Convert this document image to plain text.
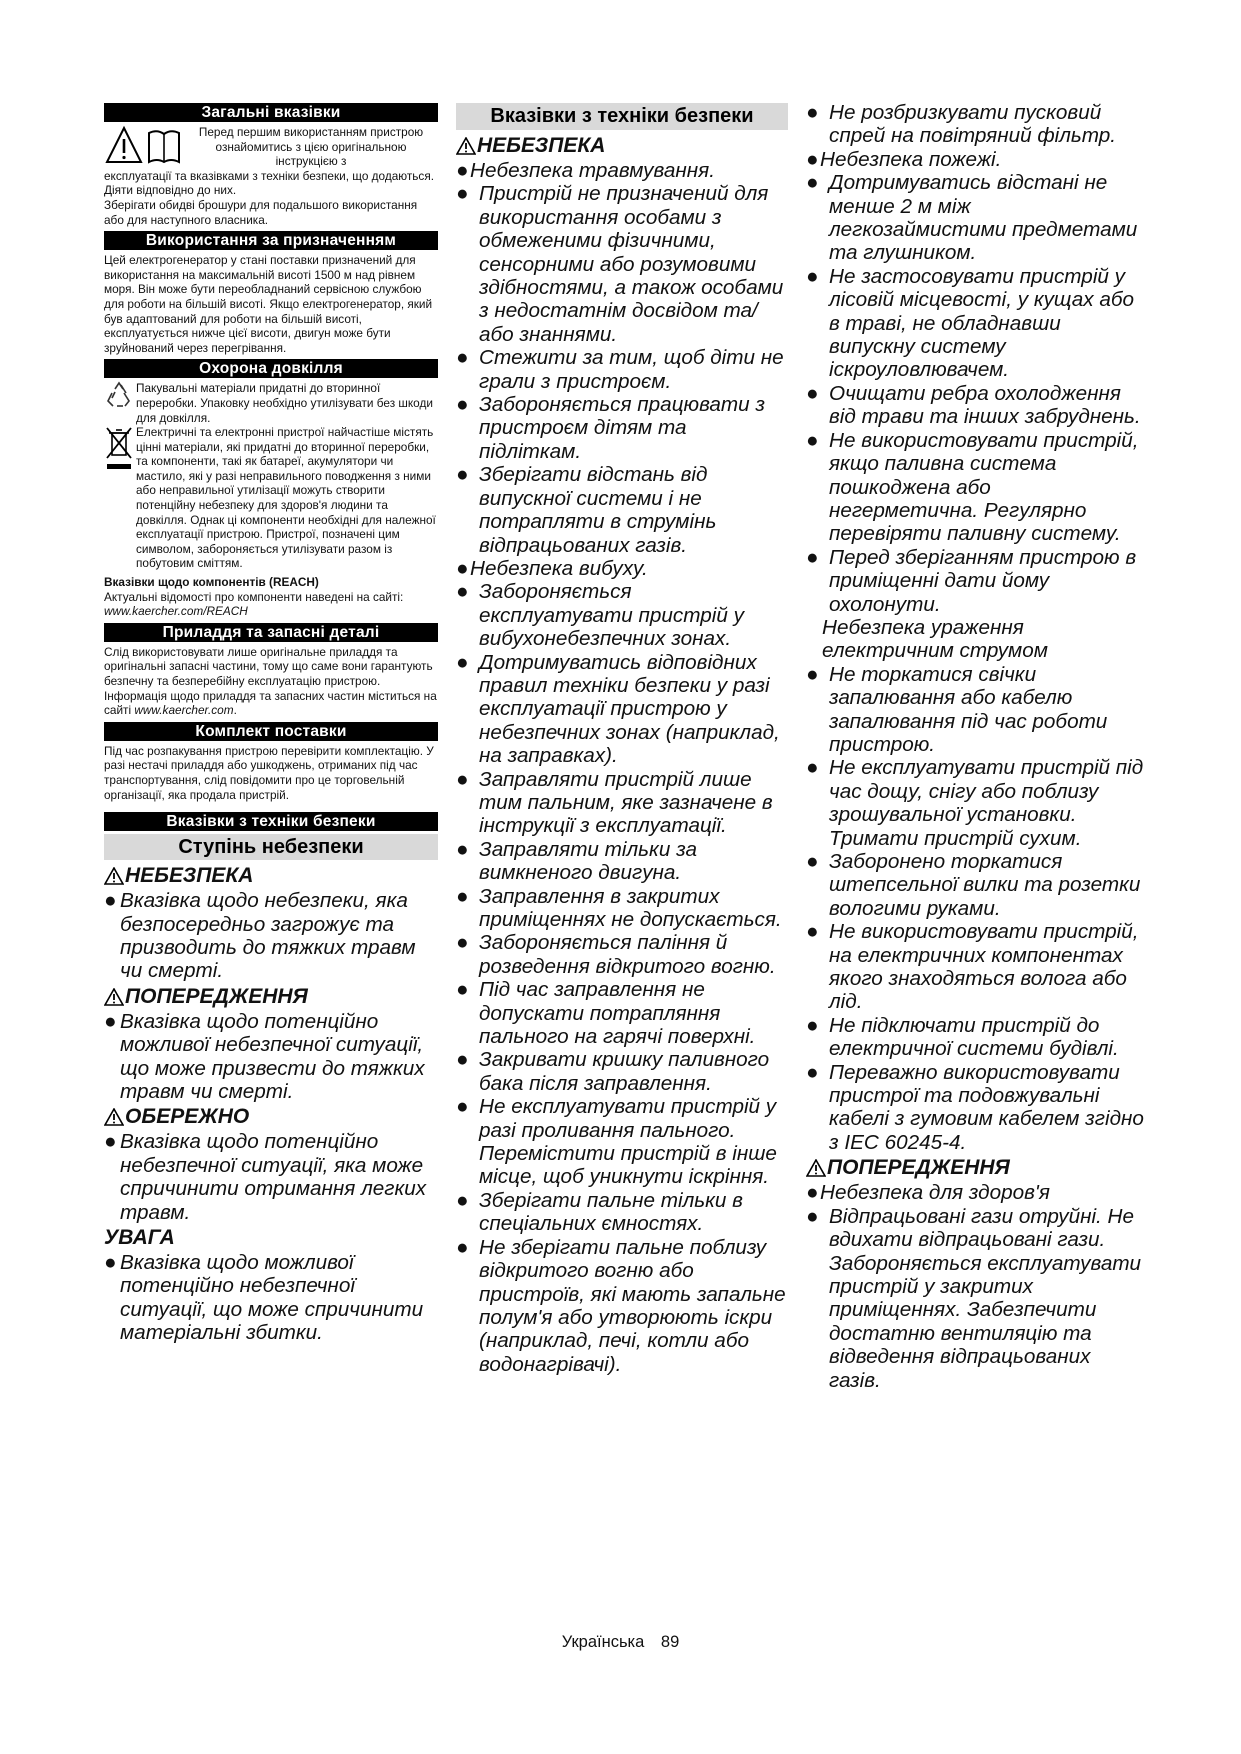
Загальні вказівки

Перед першим використанням пристрою ознайомитись з цією оригінальною інструкцією з

експлуатації та вказівками з техніки безпеки, що додаються. Діяти відповідно до них.

Зберігати обидві брошури для подальшого використання або для наступного власника.

Використання за призначенням

Цей електрогенератор у стані поставки призначений для використання на максимальній висоті 1500 м над рівнем моря. Він може бути переобладнаний сервісною службою для роботи на більшій висоті. Якщо електрогенератор, який був адаптований для роботи на більшій висоті, експлуатується нижче цієї висоти, двигун може бути зруйнований через перегрівання.

Охорона довкілля

Пакувальні матеріали придатні до вторинної переробки. Упаковку необхідно утилізувати без шкоди для довкілля.

Електричні та електронні пристрої найчастіше містять цінні матеріали, які придатні до вторинної переробки, та компоненти, такі як батареї, акумулятори чи мастило, які у разі неправильного поводження з ними або неправильної утилізації можуть створити потенційну небезпеку для здоров'я людини та довкілля. Однак ці компоненти необхідні для належної експлуатації пристрою. Пристрої, позначені цим символом, забороняється утилізувати разом із побутовим сміттям.

Вказівки щодо компонентів (REACH)

Актуальні відомості про компоненти наведені на сайті: www.kaercher.com/REACH

Приладдя та запасні деталі

Слід використовувати лише оригінальне приладдя та оригінальні запасні частини, тому що саме вони гарантують безпечну та безперебійну експлуатацію пристрою.

Інформація щодо приладдя та запасних частин міститься на сайті www.kaercher.com.

Комплект поставки

Під час розпакування пристрою перевірити комплектацію. У разі нестачі приладдя або ушкоджень, отриманих під час транспортування, слід повідомити про це торговельній організації, яка продала пристрій.

Вказівки з техніки безпеки
Ступінь небезпеки
НЕБЕЗПЕКА
● Вказівка щодо небезпеки, яка безпосередньо загрожує та призводить до тяжких травм чи смерті.
ПОПЕРЕДЖЕННЯ
● Вказівка щодо потенційно можливої небезпечної ситуації, що може призвести до тяжких травм чи смерті.
ОБЕРЕЖНО
● Вказівка щодо потенційно небезпечної ситуації, яка може спричинити отримання легких травм.
УВАГА
● Вказівка щодо можливої потенційно небезпечної ситуації, що може спричинити матеріальні збитки.
Вказівки з техніки безпеки
НЕБЕЗПЕКА
● Небезпека травмування.
● Пристрій не призначений для використання особами з обмеженими фізичними, сенсорними або розумовими здібностями, а також особами з недостатнім досвідом та/ або знаннями.
● Стежити за тим, щоб діти не грали з пристроєм.
● Забороняється працювати з пристроєм дітям та підліткам.
● Зберігати відстань від випускної системи і не потрапляти в струмінь відпрацьованих газів.
● Небезпека вибуху.
● Забороняється експлуатувати пристрій у вибухонебезпечних зонах.
● Дотримуватись відповідних правил техніки безпеки у разі експлуатації пристрою у небезпечних зонах (наприклад, на заправках).
● Заправляти пристрій лише тим пальним, яке зазначене в інструкції з експлуатації.
● Заправляти тільки за вимкненого двигуна.
● Заправлення в закритих приміщеннях не допускається.
● Забороняється паління й розведення відкритого вогню.
● Під час заправлення не допускати потрапляння пального на гарячі поверхні.
● Закривати кришку паливного бака після заправлення.
● Не експлуатувати пристрій у разі проливання пального. Перемістити пристрій в інше місце, щоб уникнути іскріння.
● Зберігати пальне тільки в спеціальних ємностях.
● Не зберігати пальне поблизу відкритого вогню або пристроїв, які мають запальне полум'я або утворюють іскри (наприклад, печі, котли або водонагрівачі).
● Не розбризкувати пусковий спрей на повітряний фільтр.
● Небезпека пожежі.
● Дотримуватись відстані не менше 2 м між легкозаймистими предметами та глушником.
● Не застосовувати пристрій у лісовій місцевості, у кущах або в траві, не обладнавши випускну систему іскроуловлювачем.
● Очищати ребра охолодження від трави та інших забруднень.
● Не використовувати пристрій, якщо паливна система пошкоджена або негерметична. Регулярно перевіряти паливну систему.
● Перед зберіганням пристрою в приміщенні дати йому охолонути.

Небезпека ураження електричним струмом

● Не торкатися свічки запалювання або кабелю запалювання під час роботи пристрою.
● Не експлуатувати пристрій під час дощу, снігу або поблизу зрошувальної установки. Тримати пристрій сухим.
● Заборонено торкатися штепсельної вилки та розетки вологими руками.
● Не використовувати пристрій, на електричних компонентах якого знаходяться волога або лід.
● Не підключати пристрій до електричної системи будівлі.
● Переважно використовувати пристрої та подовжувальні кабелі з гумовим кабелем згідно з IEC 60245-4.
ПОПЕРЕДЖЕННЯ
● Небезпека для здоров'я
● Відпрацьовані гази отруйні. Не вдихати відпрацьовані гази. Забороняється експлуатувати пристрій у закритих приміщеннях. Забезпечити достатню вентиляцію та відведення відпрацьованих газів.
Українська 89
